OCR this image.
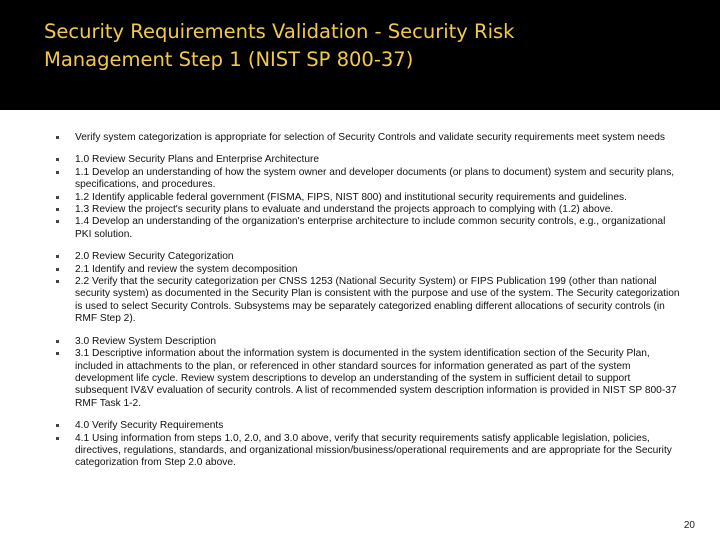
Security Requirements Validation - Security Risk
Management Step 1 (NIST SP 800-37)
Verify system categorization is appropriate for selection of Security Controls and validate security requirements meet system needs
1.0 Review Security Plans and Enterprise Architecture
1.1 Develop an understanding of how the system owner and developer documents (or plans to document) system and security plans, specifications, and procedures.
1.2 Identify applicable federal government (FISMA, FIPS, NIST 800) and institutional security requirements and guidelines.
1.3 Review the project's security plans to evaluate and understand the projects approach to complying with (1.2) above.
1.4 Develop an understanding of the organization's enterprise architecture to include common security controls, e.g., organizational PKI solution.
2.0 Review Security Categorization
2.1 Identify and review the system decomposition
2.2 Verify that the security categorization per CNSS 1253 (National Security System) or FIPS Publication 199 (other than national security system) as documented in the Security Plan is consistent with the purpose and use of the system. The Security categorization is used to select Security Controls. Subsystems may be separately categorized enabling different allocations of security controls (in RMF Step 2).
3.0 Review System Description
3.1 Descriptive information about the information system is documented in the system identification section of the Security Plan, included in attachments to the plan, or referenced in other standard sources for information generated as part of the system development life cycle. Review system descriptions to develop an understanding of the system in sufficient detail to support subsequent IV&V evaluation of security controls. A list of recommended system description information is provided in NIST SP 800-37 RMF Task 1-2.
4.0 Verify Security Requirements
4.1 Using information from steps 1.0, 2.0, and 3.0 above, verify that security requirements satisfy applicable legislation, policies, directives, regulations, standards, and organizational mission/business/operational requirements and are appropriate for the Security categorization from Step 2.0 above.
20
